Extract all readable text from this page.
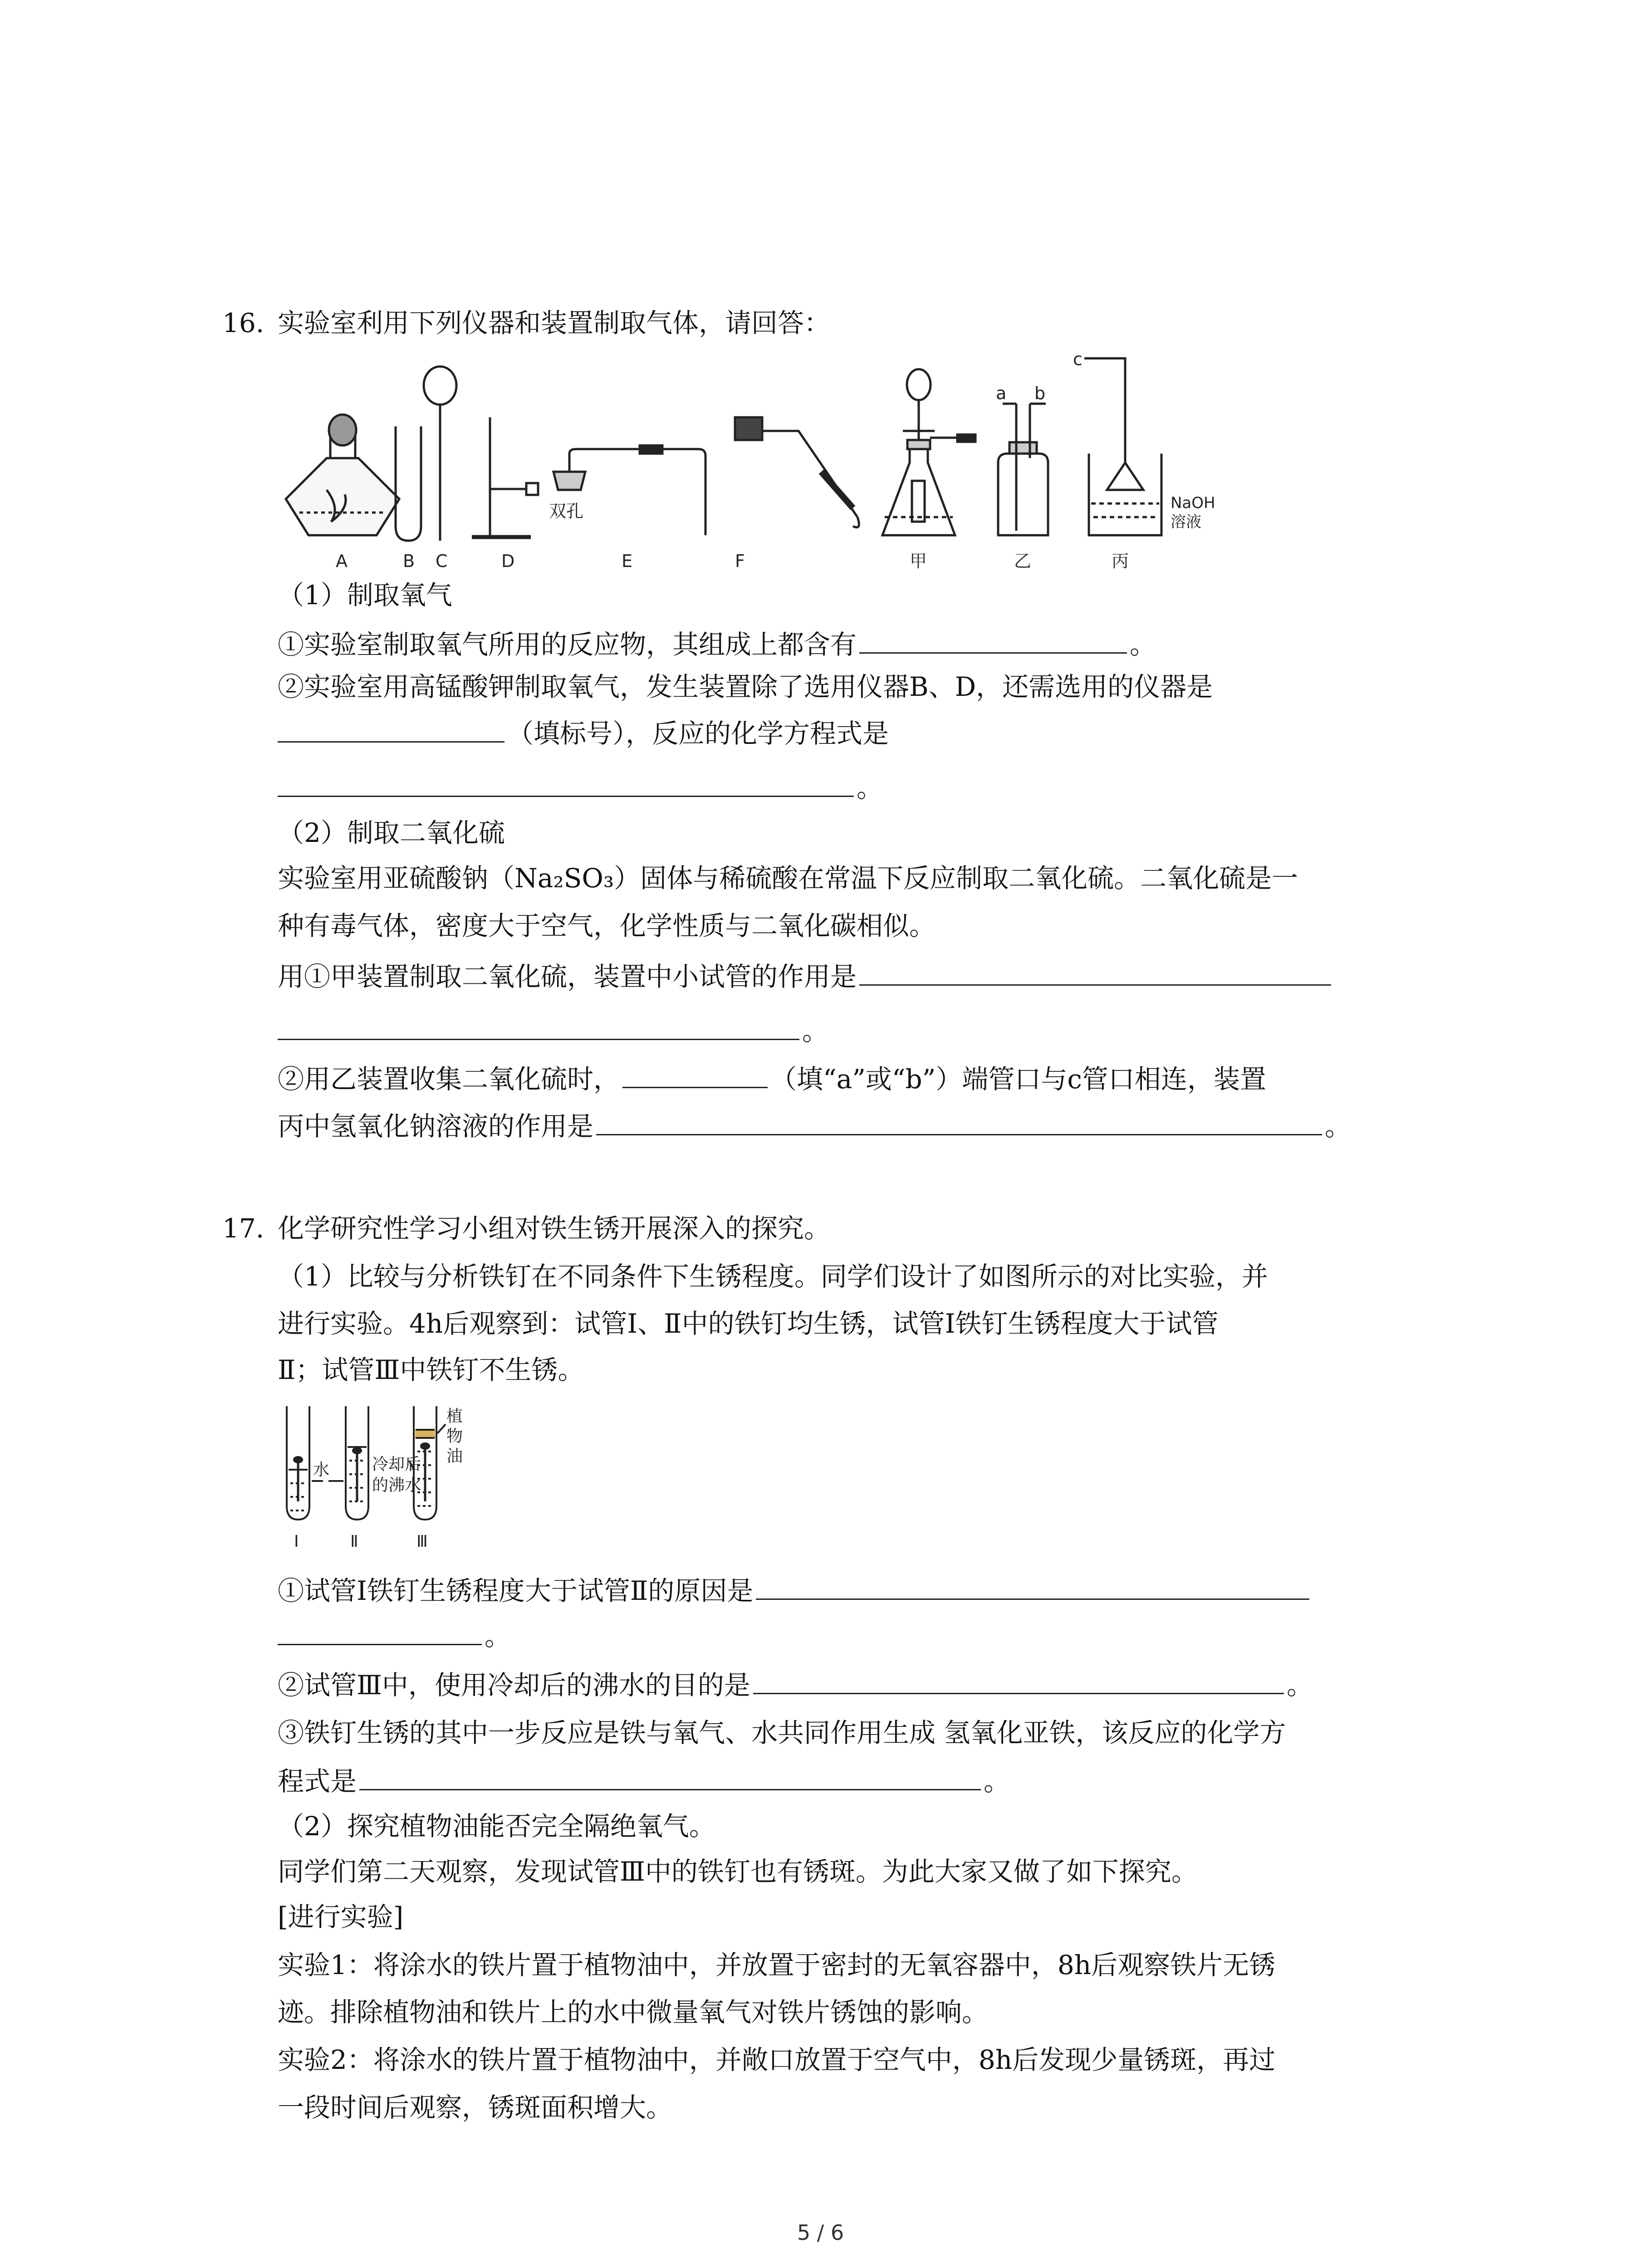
16. 实验室利用下列仪器和装置制取气体，请回答：
A	B C	D	E	F	甲	乙	丙
双孔
a b
c
NaOH
溶液
（1）制取氧气
①实验室制取氧气所用的反应物，其组成上都含有	。
②实验室用高锰酸钾制取氧气，发生装置除了选用仪器B、D，还需选用的仪器是
（填标号），反应的化学方程式是
。
（2）制取二氧化硫
实验室用亚硫酸钠（Na₂SO₃）固体与稀硫酸在常温下反应制取二氧化硫。二氧化硫是一
种有毒气体，密度大于空气，化学性质与二氧化碳相似。
用①甲装置制取二氧化硫，装置中小试管的作用是
。
②用乙装置收集二氧化硫时，	（填“a”或“b”）端管口与c管口相连，装置
丙中氢氧化钠溶液的作用是	。
17. 化学研究性学习小组对铁生锈开展深入的探究。
（1）比较与分析铁钉在不同条件下生锈程度。同学们设计了如图所示的对比实验，并
进行实验。4h后观察到：试管Ⅰ、Ⅱ中的铁钉均生锈，试管Ⅰ铁钉生锈程度大于试管
Ⅱ；试管Ⅲ中铁钉不生锈。
水	冷却后
的沸水
植
物
油
Ⅰ	Ⅱ	Ⅲ
①试管Ⅰ铁钉生锈程度大于试管Ⅱ的原因是
。
②试管Ⅲ中，使用冷却后的沸水的目的是	。
③铁钉生锈的其中一步反应是铁与氧气、水共同作用生成 氢氧化亚铁，该反应的化学方
程式是	。
（2）探究植物油能否完全隔绝氧气。
同学们第二天观察，发现试管Ⅲ中的铁钉也有锈斑。为此大家又做了如下探究。
[进行实验]
实验1：将涂水的铁片置于植物油中，并放置于密封的无氧容器中，8h后观察铁片无锈
迹。排除植物油和铁片上的水中微量氧气对铁片锈蚀的影响。
实验2：将涂水的铁片置于植物油中，并敞口放置于空气中，8h后发现少量锈斑，再过
一段时间后观察，锈斑面积增大。
5 / 6
